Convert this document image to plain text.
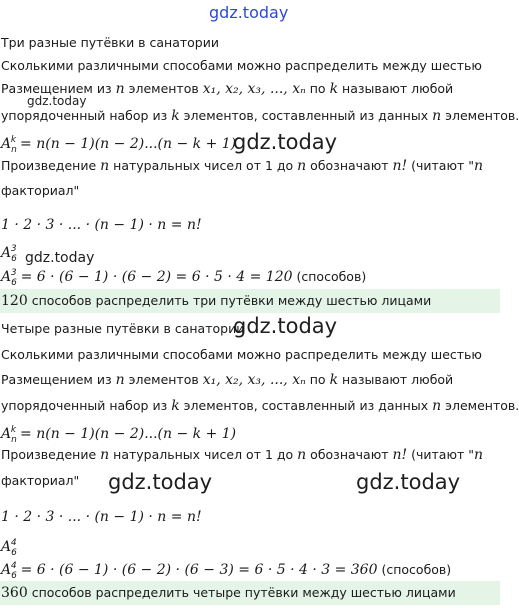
gdz.today
Три разные путёвки в санатории
Сколькими различными способами можно распределить между шестью
Размещением из n элементов x₁, x₂, x₃, ..., xₙ по k называют любой
gdz.today
упорядоченный набор из k элементов, составленный из данных n элементов.
$A_n^k = n(n - 1)(n - 2)...(n - k + 1)$
gdz.today
Произведение n натуральных чисел от 1 до n обозначают n! (читают "n
факториал"
1 · 2 · 3 · ... · (n − 1) · n = n!
$A_6^3$
gdz.today
$A_6^3 = 6 \cdot (6 - 1) \cdot (6 - 2) = 6 \cdot 5 \cdot 4 = 120$ (способов)
120 способов распределить три путёвки между шестью лицами
Четыре разные путёвки в санатории
gdz.today
Сколькими различными способами можно распределить между шестью
Размещением из n элементов x₁, x₂, x₃, ..., xₙ по k называют любой
упорядоченный набор из k элементов, составленный из данных n элементов.
$A_n^k = n(n - 1)(n - 2)...(n - k + 1)$
Произведение n натуральных чисел от 1 до n обозначают n! (читают "n
факториал" gdz.today	gdz.today
1 · 2 · 3 · ... · (n − 1) · n = n!
$A_6^4$
$A_6^4 = 6 \cdot (6 - 1) \cdot (6 - 2) \cdot (6 - 3) = 6 \cdot 5 \cdot 4 \cdot 3 = 360$ (способов)
360 способов распределить четыре путёвки между шестью лицами
